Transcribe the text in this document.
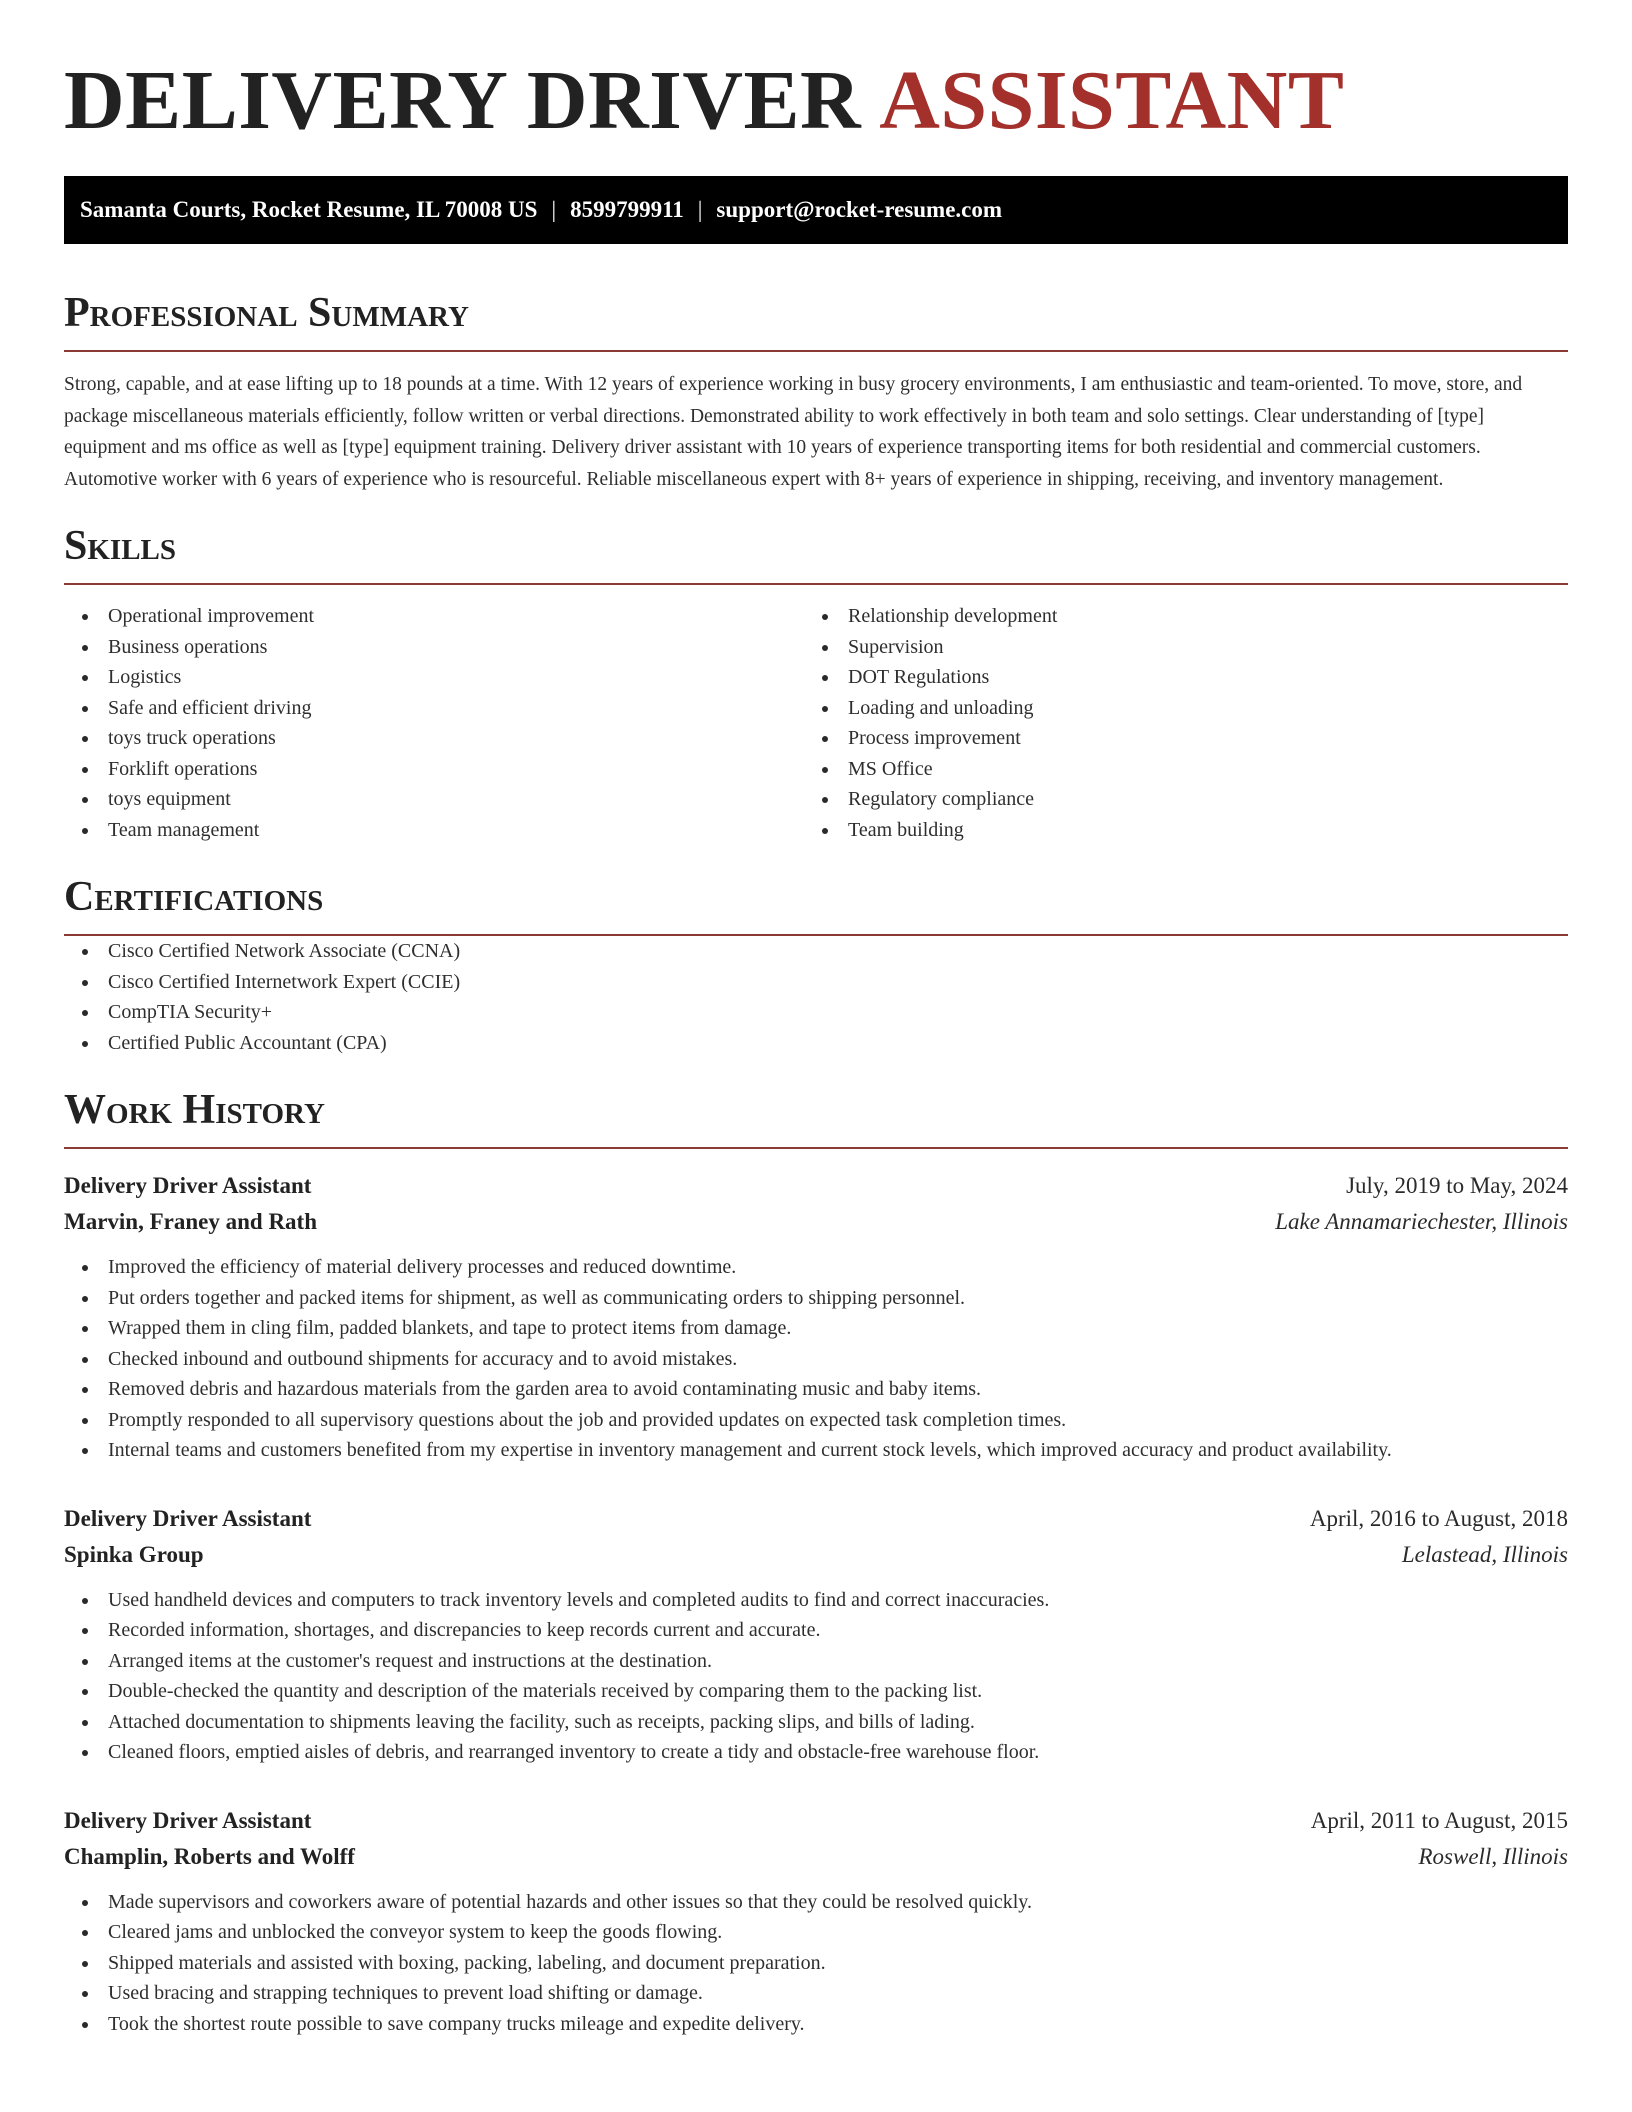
DELIVERY DRIVER ASSISTANT
Samanta Courts, Rocket Resume, IL 70008 US | 8599799911 | support@rocket-resume.com
Professional Summary

Strong, capable, and at ease lifting up to 18 pounds at a time. With 12 years of experience working in busy grocery environments, I am enthusiastic and team-oriented. To move, store, and package miscellaneous materials efficiently, follow written or verbal directions. Demonstrated ability to work effectively in both team and solo settings. Clear understanding of [type] equipment and ms office as well as [type] equipment training. Delivery driver assistant with 10 years of experience transporting items for both residential and commercial customers. Automotive worker with 6 years of experience who is resourceful. Reliable miscellaneous expert with 8+ years of experience in shipping, receiving, and inventory management.

Skills
Operational improvement
Business operations
Logistics
Safe and efficient driving
toys truck operations
Forklift operations
toys equipment
Team management
Relationship development
Supervision
DOT Regulations
Loading and unloading
Process improvement
MS Office
Regulatory compliance
Team building
Certifications
Cisco Certified Network Associate (CCNA)
Cisco Certified Internetwork Expert (CCIE)
CompTIA Security+
Certified Public Accountant (CPA)
Work History
Delivery Driver Assistant	July, 2019 to May, 2024
Marvin, Franey and Rath	Lake Annamariechester, Illinois
Improved the efficiency of material delivery processes and reduced downtime.
Put orders together and packed items for shipment, as well as communicating orders to shipping personnel.
Wrapped them in cling film, padded blankets, and tape to protect items from damage.
Checked inbound and outbound shipments for accuracy and to avoid mistakes.
Removed debris and hazardous materials from the garden area to avoid contaminating music and baby items.
Promptly responded to all supervisory questions about the job and provided updates on expected task completion times.
Internal teams and customers benefited from my expertise in inventory management and current stock levels, which improved accuracy and product availability.
Delivery Driver Assistant	April, 2016 to August, 2018
Spinka Group	Lelastead, Illinois
Used handheld devices and computers to track inventory levels and completed audits to find and correct inaccuracies.
Recorded information, shortages, and discrepancies to keep records current and accurate.
Arranged items at the customer's request and instructions at the destination.
Double-checked the quantity and description of the materials received by comparing them to the packing list.
Attached documentation to shipments leaving the facility, such as receipts, packing slips, and bills of lading.
Cleaned floors, emptied aisles of debris, and rearranged inventory to create a tidy and obstacle-free warehouse floor.
Delivery Driver Assistant	April, 2011 to August, 2015
Champlin, Roberts and Wolff	Roswell, Illinois
Made supervisors and coworkers aware of potential hazards and other issues so that they could be resolved quickly.
Cleared jams and unblocked the conveyor system to keep the goods flowing.
Shipped materials and assisted with boxing, packing, labeling, and document preparation.
Used bracing and strapping techniques to prevent load shifting or damage.
Took the shortest route possible to save company trucks mileage and expedite delivery.
